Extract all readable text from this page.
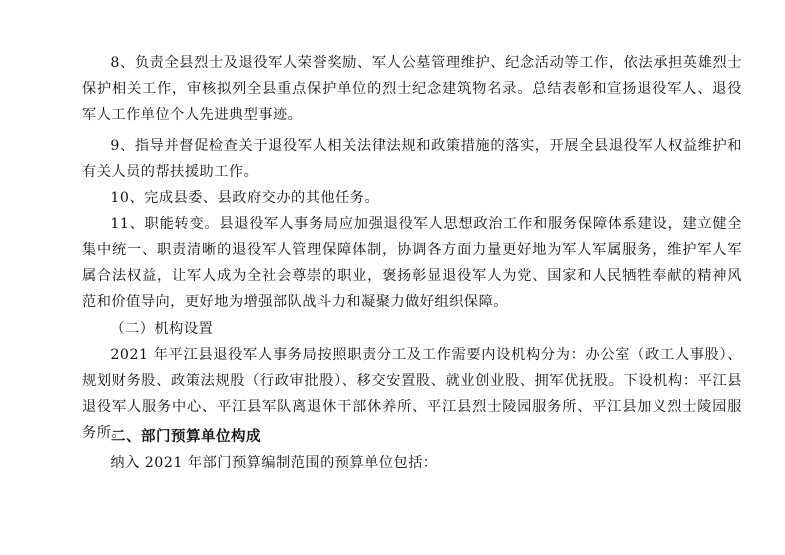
8、负责全县烈士及退役军人荣誉奖励、军人公墓管理维护、纪念活动等工作，依法承担英雄烈士保护相关工作，审核拟列全县重点保护单位的烈士纪念建筑物名录。总结表彰和宣扬退役军人、退役军人工作单位个人先进典型事迹。

9、指导并督促检查关于退役军人相关法律法规和政策措施的落实，开展全县退役军人权益维护和有关人员的帮扶援助工作。

10、完成县委、县政府交办的其他任务。

11、职能转变。县退役军人事务局应加强退役军人思想政治工作和服务保障体系建设，建立健全集中统一、职责清晰的退役军人管理保障体制，协调各方面力量更好地为军人军属服务，维护军人军属合法权益，让军人成为全社会尊崇的职业，褒扬彰显退役军人为党、国家和人民牺牲奉献的精神风范和价值导向，更好地为增强部队战斗力和凝聚力做好组织保障。

（二）机构设置

2021 年平江县退役军人事务局按照职责分工及工作需要内设机构分为：办公室（政工人事股）、规划财务股、政策法规股（行政审批股）、移交安置股、就业创业股、拥军优抚股。下设机构：平江县退役军人服务中心、平江县军队离退休干部休养所、平江县烈士陵园服务所、平江县加义烈士陵园服务所。

二、部门预算单位构成

纳入 2021 年部门预算编制范围的预算单位包括：
